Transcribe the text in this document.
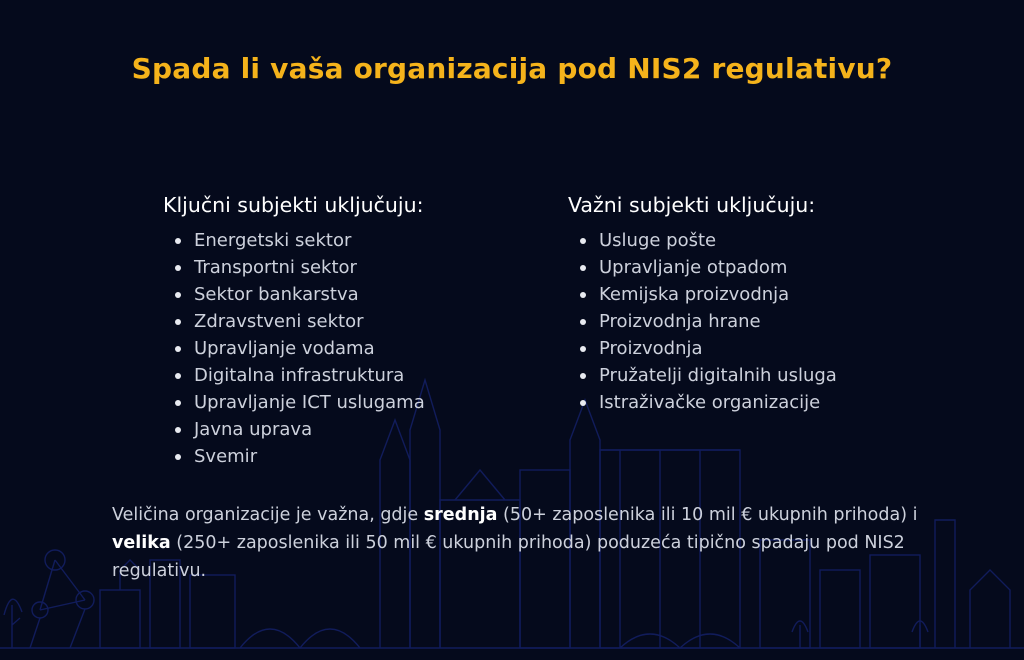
Spada li vaša organizacija pod NIS2 regulativu?
Ključni subjekti uključuju:
Energetski sektor
Transportni sektor
Sektor bankarstva
Zdravstveni sektor
Upravljanje vodama
Digitalna infrastruktura
Upravljanje ICT uslugama
Javna uprava
Svemir
Važni subjekti uključuju:
Usluge pošte
Upravljanje otpadom
Kemijska proizvodnja
Proizvodnja hrane
Proizvodnja
Pružatelji digitalnih usluga
Istraživačke organizacije
Veličina organizacije je važna, gdje srednja (50+ zaposlenika ili 10 mil € ukupnih prihoda) i velika (250+ zaposlenika ili 50 mil € ukupnih prihoda) poduzeća tipično spadaju pod NIS2 regulativu.
